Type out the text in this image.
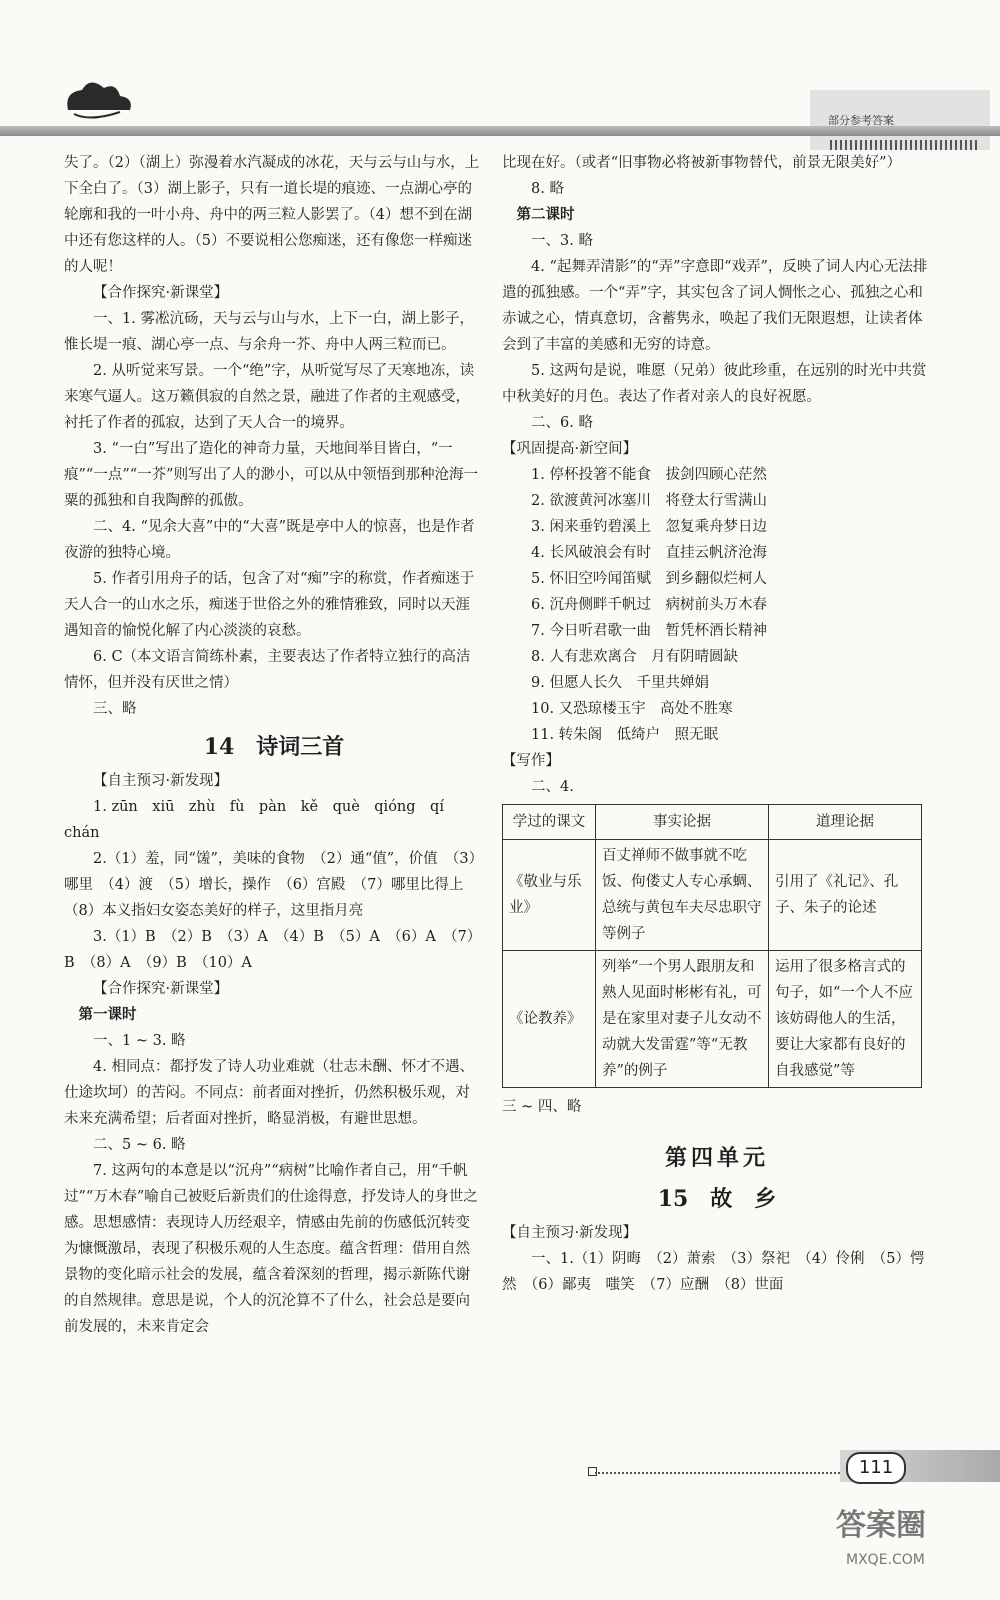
部分参考答案

失了。（2）（湖上）弥漫着水汽凝成的冰花，天与云与山与水，上下全白了。（3）湖上影子，只有一道长堤的痕迹、一点湖心亭的轮廓和我的一叶小舟、舟中的两三粒人影罢了。（4）想不到在湖中还有您这样的人。（5）不要说相公您痴迷，还有像您一样痴迷的人呢！

【合作探究·新课堂】

一、1. 雾凇沆砀，天与云与山与水，上下一白，湖上影子，惟长堤一痕、湖心亭一点、与余舟一芥、舟中人两三粒而已。

2. 从听觉来写景。一个“绝”字，从听觉写尽了天寒地冻，读来寒气逼人。这万籁俱寂的自然之景，融进了作者的主观感受，衬托了作者的孤寂，达到了天人合一的境界。

3. “一白”写出了造化的神奇力量，天地间举目皆白，“一痕”“一点”“一芥”则写出了人的渺小，可以从中领悟到那种沧海一粟的孤独和自我陶醉的孤傲。

二、4. “见余大喜”中的“大喜”既是亭中人的惊喜，也是作者夜游的独特心境。

5. 作者引用舟子的话，包含了对“痴”字的称赏，作者痴迷于天人合一的山水之乐，痴迷于世俗之外的雅情雅致，同时以天涯遇知音的愉悦化解了内心淡淡的哀愁。

6. C（本文语言简练朴素，主要表达了作者特立独行的高洁情怀，但并没有厌世之情）

三、略

14　诗词三首

【自主预习·新发现】

1. zūn　xiū　zhù　fù　pàn　kě　què　qióng　qí　chán

2.（1）羞，同“馐”，美味的食物　（2）通“值”，价值　（3）哪里　（4）渡　（5）增长，操作　（6）宫殿　（7）哪里比得上　（8）本义指妇女姿态美好的样子，这里指月亮

3.（1）B　（2）B　（3）A　（4）B　（5）A　（6）A　（7）B　（8）A　（9）B　（10）A

【合作探究·新课堂】

第一课时

一、1 ~ 3. 略

4. 相同点：都抒发了诗人功业难就（壮志未酬、怀才不遇、仕途坎坷）的苦闷。不同点：前者面对挫折，仍然积极乐观，对未来充满希望；后者面对挫折，略显消极，有避世思想。

二、5 ~ 6. 略

7. 这两句的本意是以“沉舟”“病树”比喻作者自己，用“千帆过”“万木春”喻自己被贬后新贵们的仕途得意，抒发诗人的身世之感。思想感情：表现诗人历经艰辛，情感由先前的伤感低沉转变为慷慨激昂，表现了积极乐观的人生态度。蕴含哲理：借用自然景物的变化暗示社会的发展，蕴含着深刻的哲理，揭示新陈代谢的自然规律。意思是说，个人的沉沦算不了什么，社会总是要向前发展的，未来肯定会

比现在好。（或者“旧事物必将被新事物替代，前景无限美好”）

8. 略

第二课时

一、3. 略

4. “起舞弄清影”的“弄”字意即“戏弄”，反映了词人内心无法排遣的孤独感。一个“弄”字，其实包含了词人惆怅之心、孤独之心和赤诚之心，情真意切，含蓄隽永，唤起了我们无限遐想，让读者体会到了丰富的美感和无穷的诗意。

5. 这两句是说，唯愿（兄弟）彼此珍重，在远别的时光中共赏中秋美好的月色。表达了作者对亲人的良好祝愿。

二、6. 略

【巩固提高·新空间】

1. 停杯投箸不能食　拔剑四顾心茫然

2. 欲渡黄河冰塞川　将登太行雪满山

3. 闲来垂钓碧溪上　忽复乘舟梦日边

4. 长风破浪会有时　直挂云帆济沧海

5. 怀旧空吟闻笛赋　到乡翻似烂柯人

6. 沉舟侧畔千帆过　病树前头万木春

7. 今日听君歌一曲　暂凭杯酒长精神

8. 人有悲欢离合　月有阴晴圆缺

9. 但愿人长久　千里共婵娟

10. 又恐琼楼玉宇　高处不胜寒

11. 转朱阁　低绮户　照无眠

【写作】

二、4.

学过的课文	事实论据	道理论据
《敬业与乐业》	百丈禅师不做事就不吃饭、佝偻丈人专心承蜩、总统与黄包车夫尽忠职守等例子	引用了《礼记》、孔子、朱子的论述
《论教养》	列举“一个男人跟朋友和熟人见面时彬彬有礼，可是在家里对妻子儿女动不动就大发雷霆”等“无教养”的例子	运用了很多格言式的句子，如“一个人不应该妨碍他人的生活，要让大家都有良好的自我感觉”等

三 ~ 四、略

第四单元
15　故　乡

【自主预习·新发现】

一、1.（1）阴晦　（2）萧索　（3）祭祀　（4）伶俐　（5）愕然　（6）鄙夷　嗤笑　（7）应酬　（8）世面

111
答案圈
MXQE.COM
